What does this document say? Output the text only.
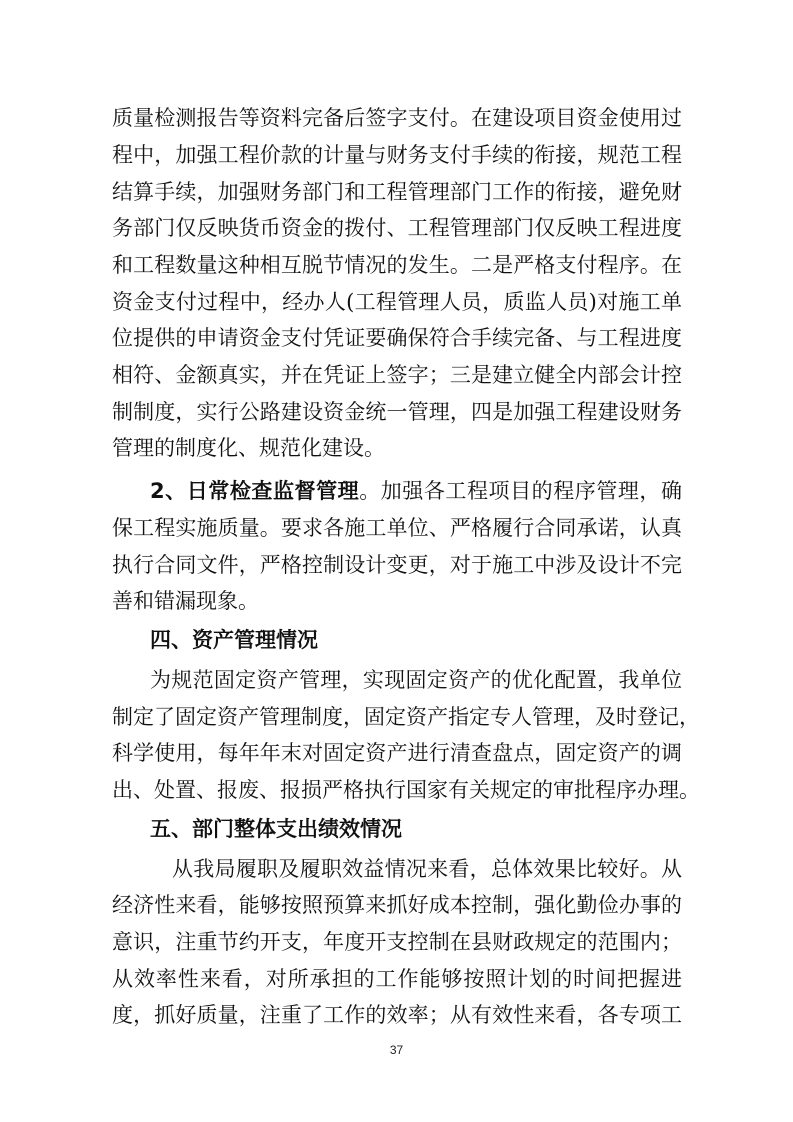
质量检测报告等资料完备后签字支付。在建设项目资金使用过
程中，加强工程价款的计量与财务支付手续的衔接，规范工程
结算手续，加强财务部门和工程管理部门工作的衔接，避免财
务部门仅反映货币资金的拨付、工程管理部门仅反映工程进度
和工程数量这种相互脱节情况的发生。二是严格支付程序。在
资金支付过程中，经办人(工程管理人员，质监人员)对施工单
位提供的申请资金支付凭证要确保符合手续完备、与工程进度
相符、金额真实，并在凭证上签字；三是建立健全内部会计控
制制度，实行公路建设资金统一管理，四是加强工程建设财务
管理的制度化、规范化建设。
2、日常检查监督管理。加强各工程项目的程序管理，确
保工程实施质量。要求各施工单位、严格履行合同承诺，认真
执行合同文件，严格控制设计变更，对于施工中涉及设计不完
善和错漏现象。
四、资产管理情况
为规范固定资产管理，实现固定资产的优化配置，我单位
制定了固定资产管理制度，固定资产指定专人管理，及时登记，
科学使用，每年年末对固定资产进行清查盘点，固定资产的调
出、处置、报废、报损严格执行国家有关规定的审批程序办理。
五、部门整体支出绩效情况
从我局履职及履职效益情况来看，总体效果比较好。从
经济性来看，能够按照预算来抓好成本控制，强化勤俭办事的
意识，注重节约开支，年度开支控制在县财政规定的范围内；
从效率性来看，对所承担的工作能够按照计划的时间把握进
度，抓好质量，注重了工作的效率；从有效性来看，各专项工
37
